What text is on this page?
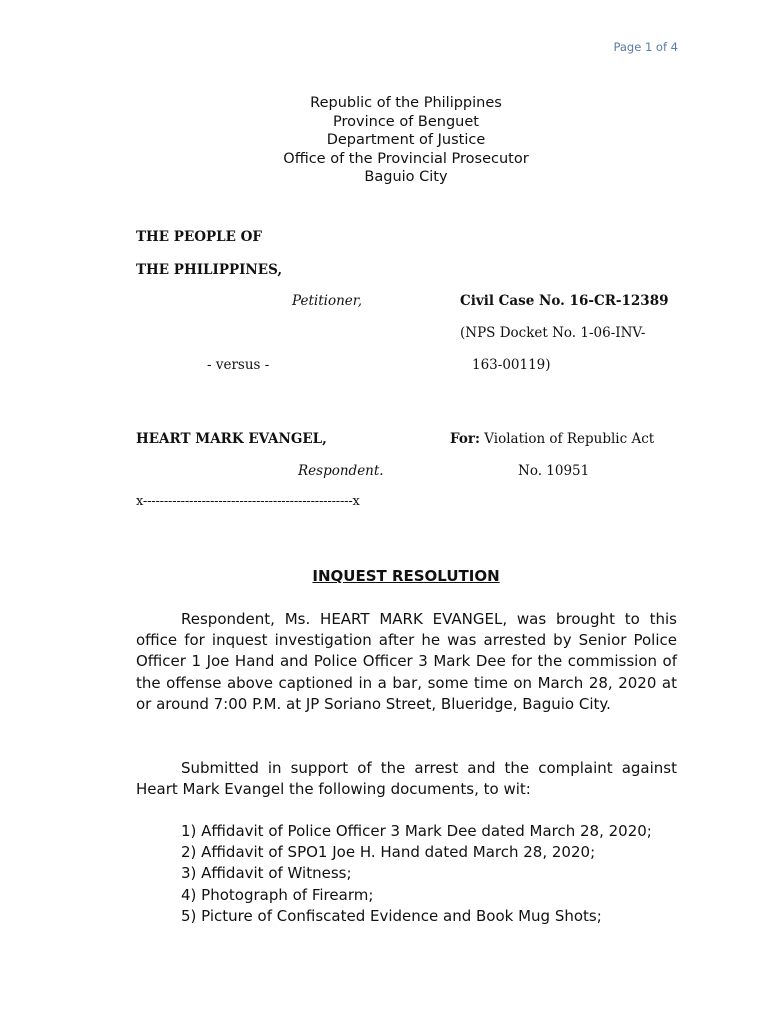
Page 1 of 4
Republic of the Philippines
Province of Benguet
Department of Justice
Office of the Provincial Prosecutor
Baguio City
THE PEOPLE OF
THE PHILIPPINES,
Petitioner,	Civil Case No. 16-CR-12389
(NPS Docket No. 1-06-INV-
- versus -	163-00119)
HEART MARK EVANGEL,	For: Violation of Republic Act
Respondent.	No. 10951
x--------------------------------------------------x
INQUEST RESOLUTION

Respondent, Ms. HEART MARK EVANGEL, was brought to this office for inquest investigation after he was arrested by Senior Police Officer 1 Joe Hand and Police Officer 3 Mark Dee for the commission of the offense above captioned in a bar, some time on March 28, 2020 at or around 7:00 P.M. at JP Soriano Street, Blueridge, Baguio City.

Submitted in support of the arrest and the complaint against Heart Mark Evangel the following documents, to wit:

1) Affidavit of Police Officer 3 Mark Dee dated March 28, 2020;
2) Affidavit of SPO1 Joe H. Hand dated March 28, 2020;
3) Affidavit of Witness;
4) Photograph of Firearm;
5) Picture of Confiscated Evidence and Book Mug Shots;
